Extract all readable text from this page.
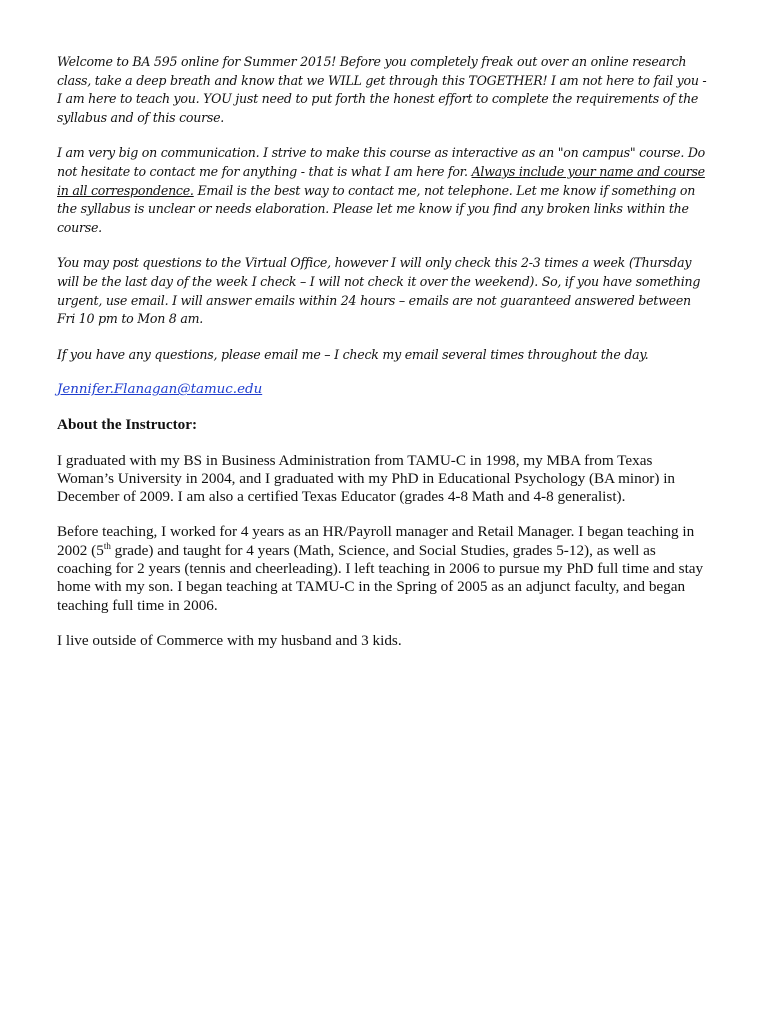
Welcome to BA 595 online for Summer 2015! Before you completely freak out over an online research class, take a deep breath and know that we WILL get through this TOGETHER! I am not here to fail you - I am here to teach you. YOU just need to put forth the honest effort to complete the requirements of the syllabus and of this course.

I am very big on communication. I strive to make this course as interactive as an "on campus" course. Do not hesitate to contact me for anything - that is what I am here for. Always include your name and course in all correspondence. Email is the best way to contact me, not telephone. Let me know if something on the syllabus is unclear or needs elaboration. Please let me know if you find any broken links within the course.

You may post questions to the Virtual Office, however I will only check this 2-3 times a week (Thursday will be the last day of the week I check – I will not check it over the weekend). So, if you have something urgent, use email. I will answer emails within 24 hours – emails are not guaranteed answered between Fri 10 pm to Mon 8 am.

If you have any questions, please email me – I check my email several times throughout the day.

Jennifer.Flanagan@tamuc.edu

About the Instructor:

I graduated with my BS in Business Administration from TAMU-C in 1998, my MBA from Texas Woman’s University in 2004, and I graduated with my PhD in Educational Psychology (BA minor) in December of 2009. I am also a certified Texas Educator (grades 4-8 Math and 4-8 generalist).

Before teaching, I worked for 4 years as an HR/Payroll manager and Retail Manager. I began teaching in 2002 (5th grade) and taught for 4 years (Math, Science, and Social Studies, grades 5-12), as well as coaching for 2 years (tennis and cheerleading). I left teaching in 2006 to pursue my PhD full time and stay home with my son. I began teaching at TAMU-C in the Spring of 2005 as an adjunct faculty, and began teaching full time in 2006.

I live outside of Commerce with my husband and 3 kids.
